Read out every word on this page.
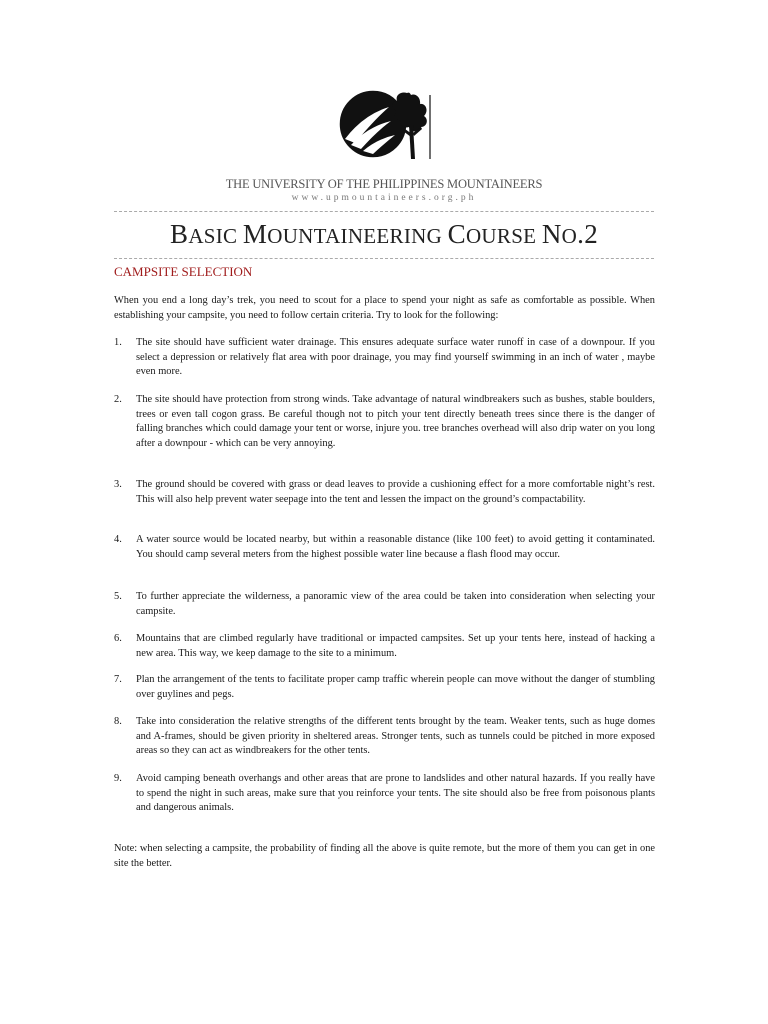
THE UNIVERSITY OF THE PHILIPPINES MOUNTAINEERS
www.upmountaineers.org.ph
BASIC MOUNTAINEERING COURSE NO.2
CAMPSITE SELECTION
When you end a long day’s trek, you need to scout for a place to spend your night as safe as comfortable as possible. When establishing your campsite, you need to follow certain criteria. Try to look for the following:
1. The site should have sufficient water drainage. This ensures adequate surface water runoff in case of a downpour. If you select a depression or relatively flat area with poor drainage, you may find yourself swimming in an inch of water , maybe even more.
2. The site should have protection from strong winds. Take advantage of natural windbreakers such as bushes, stable boulders, trees or even tall cogon grass. Be careful though not to pitch your tent directly beneath trees since there is the danger of falling branches which could damage your tent or worse, injure you. tree branches overhead will also drip water on you long after a downpour - which can be very annoying.
3. The ground should be covered with grass or dead leaves to provide a cushioning effect for a more comfortable night’s rest. This will also help prevent water seepage into the tent and lessen the impact on the ground’s compactability.
4. A water source would be located nearby, but within a reasonable distance (like 100 feet) to avoid getting it contaminated. You should camp several meters from the highest possible water line because a flash flood may occur.
5. To further appreciate the wilderness, a panoramic view of the area could be taken into consideration when selecting your campsite.
6. Mountains that are climbed regularly have traditional or impacted campsites. Set up your tents here, instead of hacking a new area. This way, we keep damage to the site to a minimum.
7. Plan the arrangement of the tents to facilitate proper camp traffic wherein people can move without the danger of stumbling over guylines and pegs.
8. Take into consideration the relative strengths of the different tents brought by the team. Weaker tents, such as huge domes and A-frames, should be given priority in sheltered areas. Stronger tents, such as tunnels could be pitched in more exposed areas so they can act as windbreakers for the other tents.
9. Avoid camping beneath overhangs and other areas that are prone to landslides and other natural hazards. If you really have to spend the night in such areas, make sure that you reinforce your tents. The site should also be free from poisonous plants and dangerous animals.
Note: when selecting a campsite, the probability of finding all the above is quite remote, but the more of them you can get in one site the better.
